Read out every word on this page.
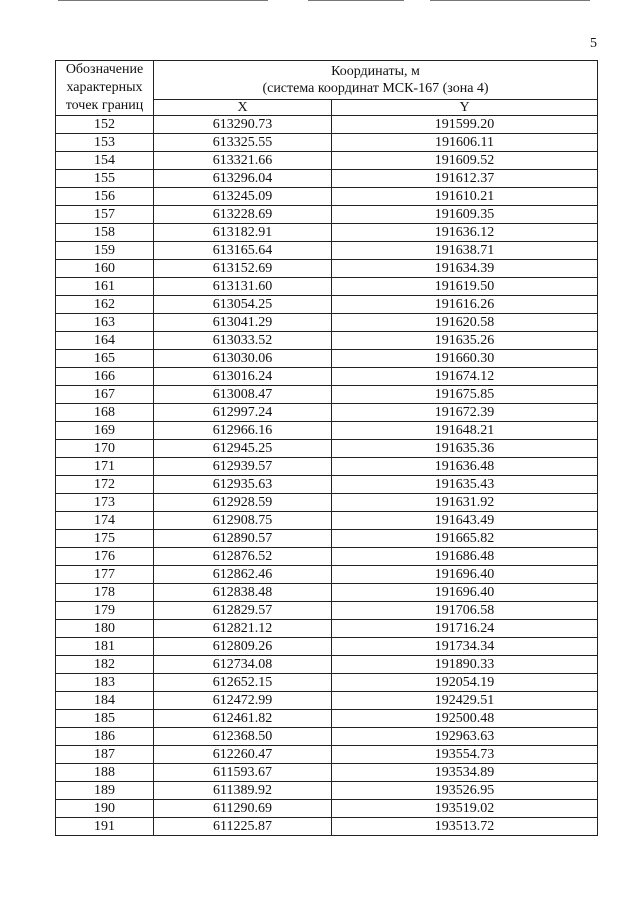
5
Обозначение
характерных
точек границ	Координаты, м
(система координат МСК-167 (зона 4)	

	X	Y
152	613290.73	191599.20
153	613325.55	191606.11
154	613321.66	191609.52
155	613296.04	191612.37
156	613245.09	191610.21
157	613228.69	191609.35
158	613182.91	191636.12
159	613165.64	191638.71
160	613152.69	191634.39
161	613131.60	191619.50
162	613054.25	191616.26
163	613041.29	191620.58
164	613033.52	191635.26
165	613030.06	191660.30
166	613016.24	191674.12
167	613008.47	191675.85
168	612997.24	191672.39
169	612966.16	191648.21
170	612945.25	191635.36
171	612939.57	191636.48
172	612935.63	191635.43
173	612928.59	191631.92
174	612908.75	191643.49
175	612890.57	191665.82
176	612876.52	191686.48
177	612862.46	191696.40
178	612838.48	191696.40
179	612829.57	191706.58
180	612821.12	191716.24
181	612809.26	191734.34
182	612734.08	191890.33
183	612652.15	192054.19
184	612472.99	192429.51
185	612461.82	192500.48
186	612368.50	192963.63
187	612260.47	193554.73
188	611593.67	193534.89
189	611389.92	193526.95
190	611290.69	193519.02
191	611225.87	193513.72
